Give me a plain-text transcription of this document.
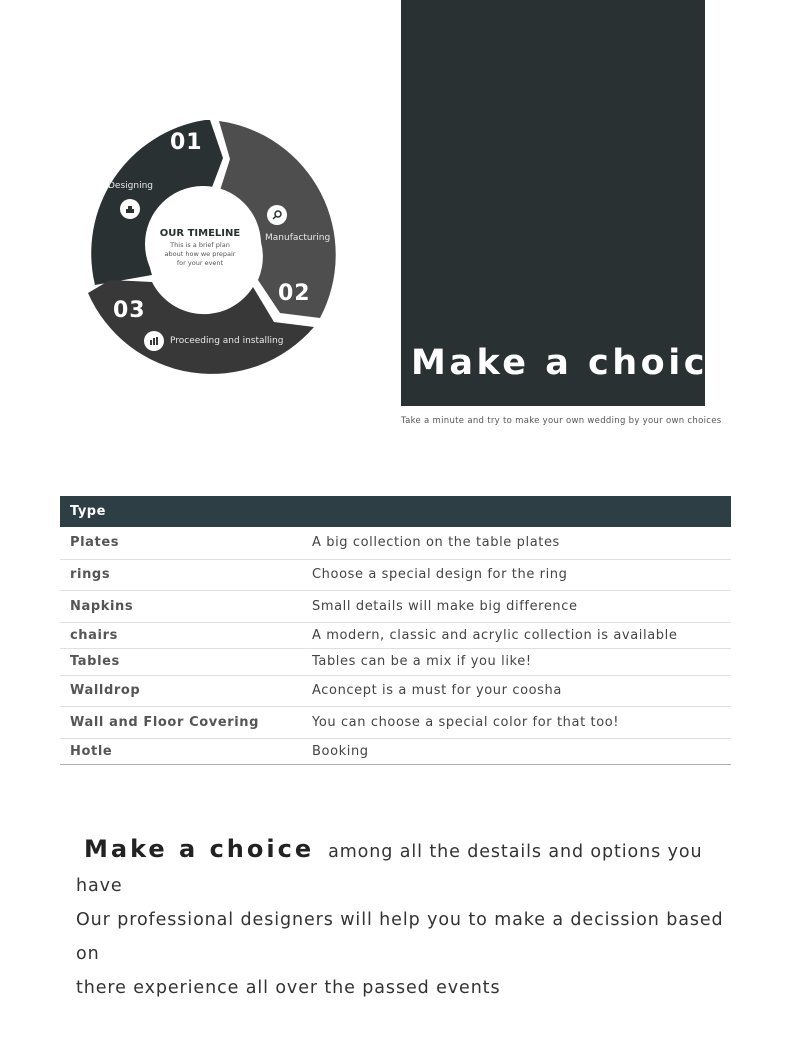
01
02
03
Designing
Manufacturing
Proceeding and installing
OUR TIMELINE
This is a brief plan about how we prepair for your event
Make a choice
Take a minute and try to make your own wedding by your own choices
Type	
Plates	A big collection on the table plates
rings	Choose a special design for the ring
Napkins	Small details will make big difference
chairs	A modern, classic and acrylic collection is available
Tables	Tables can be a mix if you like!
Walldrop	Aconcept is a must for your coosha
Wall and Floor Covering	You can choose a special color for that too!
Hotle	Booking
Make a choice among all the destails and options you have
Our professional designers will help you to make a decission based on
there experience all over the passed events
